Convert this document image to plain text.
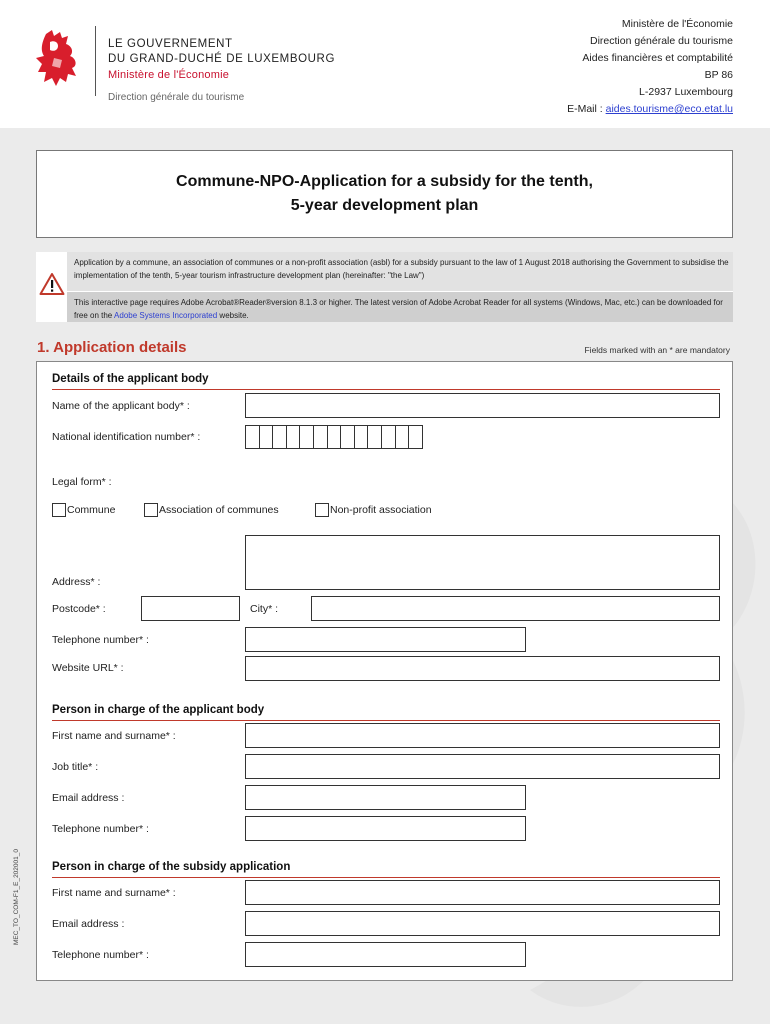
LE GOUVERNEMENT
DU GRAND-DUCHÉ DE LUXEMBOURG
Ministère de l'Économie
Direction générale du tourisme
Ministère de l'Économie
Direction générale du tourisme
Aides financières et comptabilité
BP 86
L-2937 Luxembourg
E-Mail : aides.tourisme@eco.etat.lu
Commune-NPO-Application for a subsidy for the tenth,
5-year development plan

Application by a commune, an association of communes or a non-profit association (asbl) for a subsidy pursuant to the law of 1 August 2018 authorising the Government to subsidise the implementation of the tenth, 5-year tourism infrastructure development plan (hereinafter: "the Law")

This interactive page requires Adobe Acrobat®Reader®version 8.1.3 or higher. The latest version of Adobe Acrobat Reader for all systems (Windows, Mac, etc.) can be downloaded for free on the Adobe Systems Incorporated website.

1. Application details	Fields marked with an * are mandatory
Details of the applicant body
Name of the applicant body* :
National identification number* :
Legal form* :
Commune	Association of communes	Non-profit association
Address* :
Postcode* :	City* :
Telephone number* :
Website URL* :
Person in charge of the applicant body
First name and surname* :
Job title* :
Email address :
Telephone number* :
Person in charge of the subsidy application
First name and surname* :
Email address :
Telephone number* :
MEC_TO_COM-F1_E_202001_0
